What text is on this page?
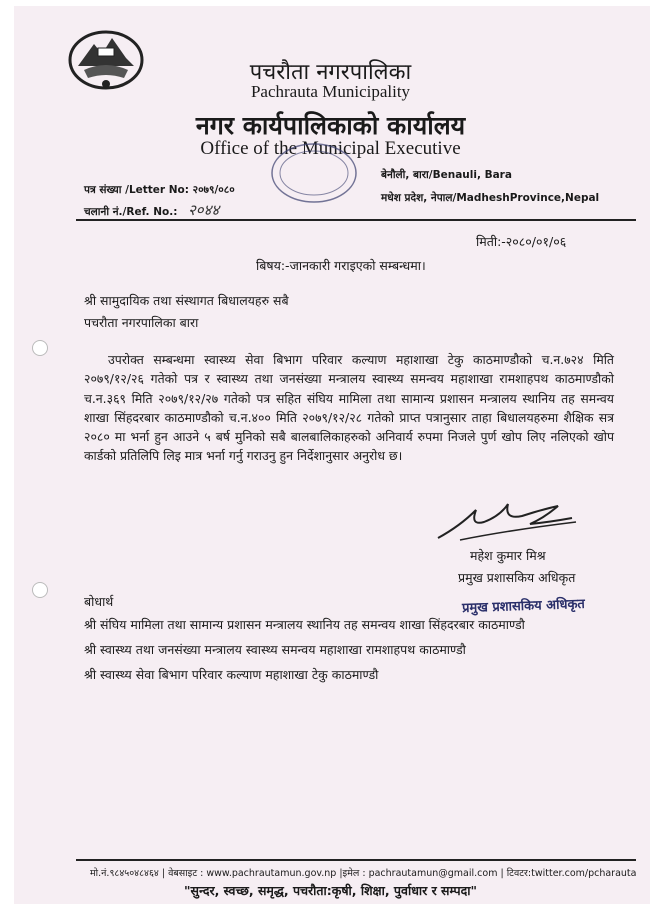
पचरौता नगरपालिका
Pachrauta Municipality
नगर कार्यपालिकाको कार्यालय
Office of the Municipal Executive
बेनौली, बारा/Benauli, Bara
मधेश प्रदेश, नेपाल/MadheshProvince,Nepal
पत्र संख्या /Letter No: २०७९/०८०
चलानी नं./Ref. No.: २०४४
मिती:-२०८०/०१/०६
बिषय:-जानकारी गराइएको सम्बन्धमा।
श्री सामुदायिक तथा संस्थागत बिधालयहरु सबै
पचरौता नगरपालिका बारा
उपरोक्त सम्बन्धमा स्वास्थ्य सेवा बिभाग परिवार कल्याण महाशाखा टेकु काठमाण्डौको च.न.७२४ मिति २०७९/१२/२६ गतेको पत्र र स्वास्थ्य तथा जनसंख्या मन्त्रालय स्वास्थ्य समन्वय महाशाखा रामशाहपथ काठमाण्डौको च.न.३६९ मिति २०७९/१२/२७ गतेको पत्र सहित संघिय मामिला तथा सामान्य प्रशासन मन्त्रालय स्थानिय तह समन्वय शाखा सिंहदरबार काठमाण्डौको च.न.४०० मिति २०७९/१२/२८ गतेको प्राप्त पत्रानुसार ताहा बिधालयहरुमा शैक्षिक सत्र २०८० मा भर्ना हुन आउने ५ बर्ष मुनिको सबै बालबालिकाहरुको अनिवार्य रुपमा निजले पुर्ण खोप लिए नलिएको खोप कार्डको प्रतिलिपि लिइ मात्र भर्ना गर्नु गराउनु हुन निर्देशानुसार अनुरोध छ।
महेश कुमार मिश्र
प्रमुख प्रशासकिय अधिकृत
बोधार्थ	प्रमुख प्रशासकिय अधिकृत
श्री संघिय मामिला तथा सामान्य प्रशासन मन्त्रालय स्थानिय तह समन्वय शाखा सिंहदरबार काठमाण्डौ
श्री स्वास्थ्य तथा जनसंख्या मन्त्रालय स्वास्थ्य समन्वय महाशाखा रामशाहपथ काठमाण्डौ
श्री स्वास्थ्य सेवा बिभाग परिवार कल्याण महाशाखा टेकु काठमाण्डौ
मो.नं.९८४५०४८४६४ | वेबसाइट : www.pachrautamun.gov.np |इमेल : pachrautamun@gmail.com | टिवटर:twitter.com/pcharauta
"सुन्दर, स्वच्छ, समृद्ध, पचरौता:कृषी, शिक्षा, पुर्वाधार र सम्पदा"
